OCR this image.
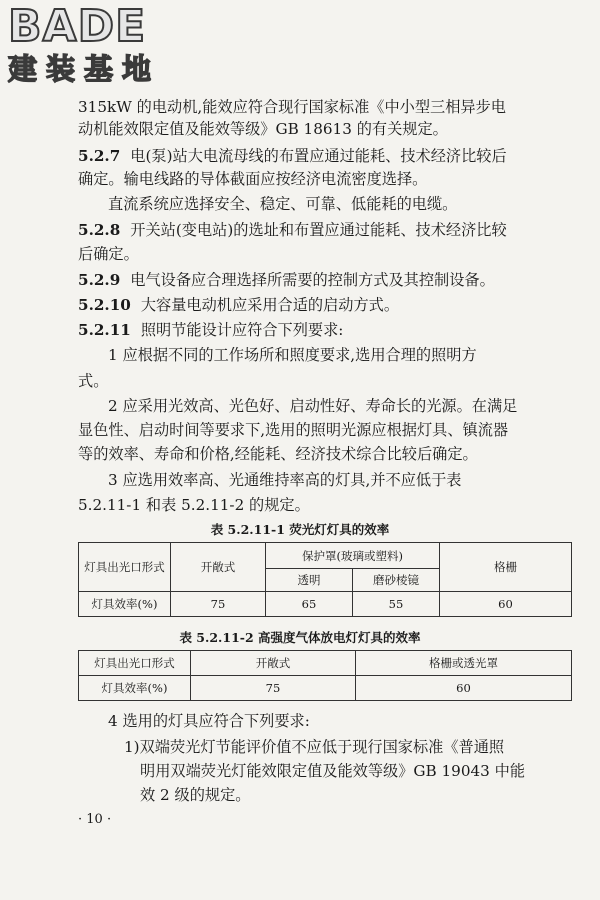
BADE
建装基地
315kW 的电动机,能效应符合现行国家标准《中小型三相异步电
动机能效限定值及能效等级》GB 18613 的有关规定。
5.2.7 电(泵)站大电流母线的布置应通过能耗、技术经济比较后
确定。输电线路的导体截面应按经济电流密度选择。
直流系统应选择安全、稳定、可靠、低能耗的电缆。
5.2.8 开关站(变电站)的选址和布置应通过能耗、技术经济比较
后确定。
5.2.9 电气设备应合理选择所需要的控制方式及其控制设备。
5.2.10 大容量电动机应采用合适的启动方式。
5.2.11 照明节能设计应符合下列要求:
1 应根据不同的工作场所和照度要求,选用合理的照明方
式。
2 应采用光效高、光色好、启动性好、寿命长的光源。在满足
显色性、启动时间等要求下,选用的照明光源应根据灯具、镇流器
等的效率、寿命和价格,经能耗、经济技术综合比较后确定。
3 应选用效率高、光通维持率高的灯具,并不应低于表
5.2.11-1 和表 5.2.11-2 的规定。
表 5.2.11-1 荧光灯灯具的效率
灯具出光口形式	开敞式	保护罩(玻璃或塑料)		格栅
		透明	磨砂棱镜	
灯具效率(%)	75	65	55	60
表 5.2.11-2 高强度气体放电灯灯具的效率
灯具出光口形式	开敞式	格栅或透光罩
灯具效率(%)	75	60
4 选用的灯具应符合下列要求:
1)双端荧光灯节能评价值不应低于现行国家标准《普通照
明用双端荧光灯能效限定值及能效等级》GB 19043 中能
效 2 级的规定。
· 10 ·
